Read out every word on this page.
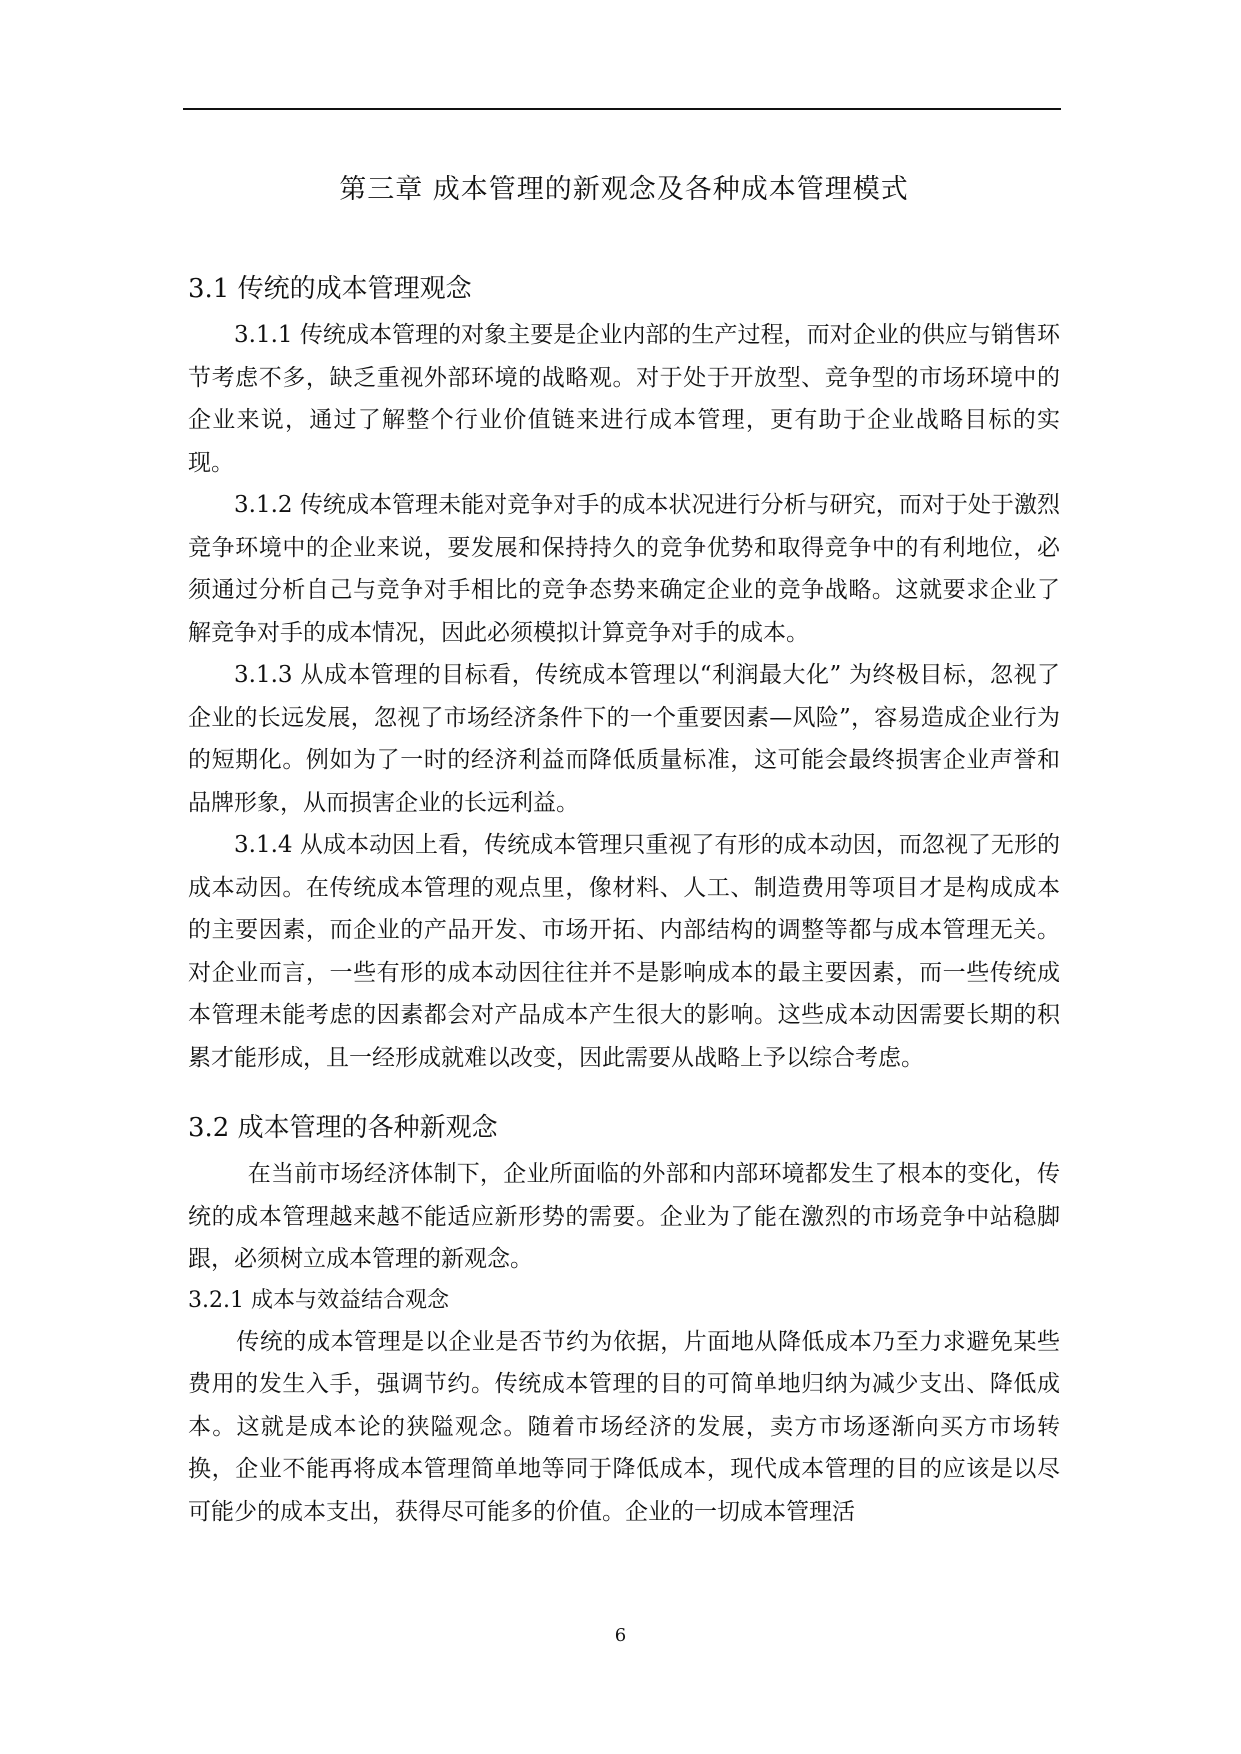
第三章 成本管理的新观念及各种成本管理模式
3.1 传统的成本管理观念

3.1.1 传统成本管理的对象主要是企业内部的生产过程，而对企业的供应与销售环节考虑不多，缺乏重视外部环境的战略观。对于处于开放型、竞争型的市场环境中的企业来说，通过了解整个行业价值链来进行成本管理，更有助于企业战略目标的实现。

3.1.2 传统成本管理未能对竞争对手的成本状况进行分析与研究，而对于处于激烈竞争环境中的企业来说，要发展和保持持久的竞争优势和取得竞争中的有利地位，必须通过分析自己与竞争对手相比的竞争态势来确定企业的竞争战略。这就要求企业了解竞争对手的成本情况，因此必须模拟计算竞争对手的成本。

3.1.3 从成本管理的目标看，传统成本管理以“利润最大化” 为终极目标，忽视了企业的长远发展，忽视了市场经济条件下的一个重要因素—风险”，容易造成企业行为的短期化。例如为了一时的经济利益而降低质量标准，这可能会最终损害企业声誉和品牌形象，从而损害企业的长远利益。

3.1.4 从成本动因上看，传统成本管理只重视了有形的成本动因，而忽视了无形的成本动因。在传统成本管理的观点里，像材料、人工、制造费用等项目才是构成成本的主要因素，而企业的产品开发、市场开拓、内部结构的调整等都与成本管理无关。对企业而言，一些有形的成本动因往往并不是影响成本的最主要因素，而一些传统成本管理未能考虑的因素都会对产品成本产生很大的影响。这些成本动因需要长期的积累才能形成，且一经形成就难以改变，因此需要从战略上予以综合考虑。

3.2 成本管理的各种新观念

在当前市场经济体制下，企业所面临的外部和内部环境都发生了根本的变化，传统的成本管理越来越不能适应新形势的需要。企业为了能在激烈的市场竞争中站稳脚跟，必须树立成本管理的新观念。

3.2.1 成本与效益结合观念

传统的成本管理是以企业是否节约为依据，片面地从降低成本乃至力求避免某些费用的发生入手，强调节约。传统成本管理的目的可简单地归纳为减少支出、降低成本。这就是成本论的狭隘观念。随着市场经济的发展，卖方市场逐渐向买方市场转换，企业不能再将成本管理简单地等同于降低成本，现代成本管理的目的应该是以尽可能少的成本支出，获得尽可能多的价值。企业的一切成本管理活

6
